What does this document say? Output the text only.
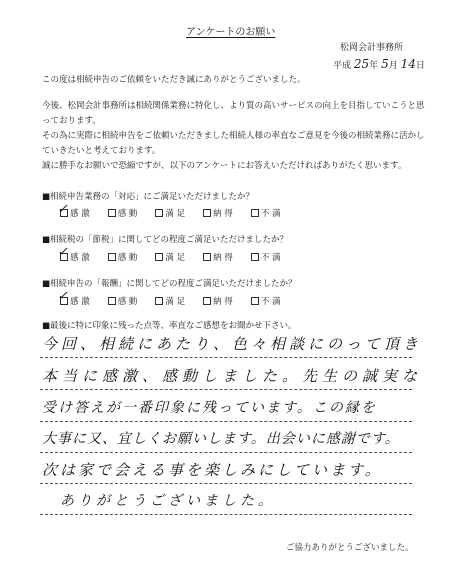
アンケートのお願い
松岡会計事務所
平成 25年 5月 14日
この度は相続申告のご依頼をいただき誠にありがとうございました。
今後、松岡会計事務所は相続関係業務に特化し、より質の高いサービスの向上を目指していこうと思
っております。
その為に実際に相続申告をご依頼いただきました相続人様の率直なご意見を今後の相続業務に活かし
ていきたいと考えております。
誠に勝手なお願いで恐縮ですが、以下のアンケートにお答えいただければありがたく思います。
■相続申告業務の「対応」にご満足いただけましたか？
感 激	感 動	満 足	納 得	不 満
✓
■相続税の「節税」に関してどの程度ご満足いただけましたか？
感 激	感 動	満 足	納 得	不 満
✓
■相続申告の「報酬」に関してどの程度ご満足いただけましたか？
感 激	感 動	満 足	納 得	不 満
✓
■最後に特に印象に残った点等、率直なご感想をお聞かせ下さい。
今回、相続にあたり、色々相談にのって頂き
本当に感激、感動しました。先生の誠実な
受け答えが一番印象に残っています。この縁を
大事に又、宜しくお願いします。出会いに感謝です。
次は家で会える事を楽しみにしています。
ありがとうございました。
ご協力ありがとうございました。
